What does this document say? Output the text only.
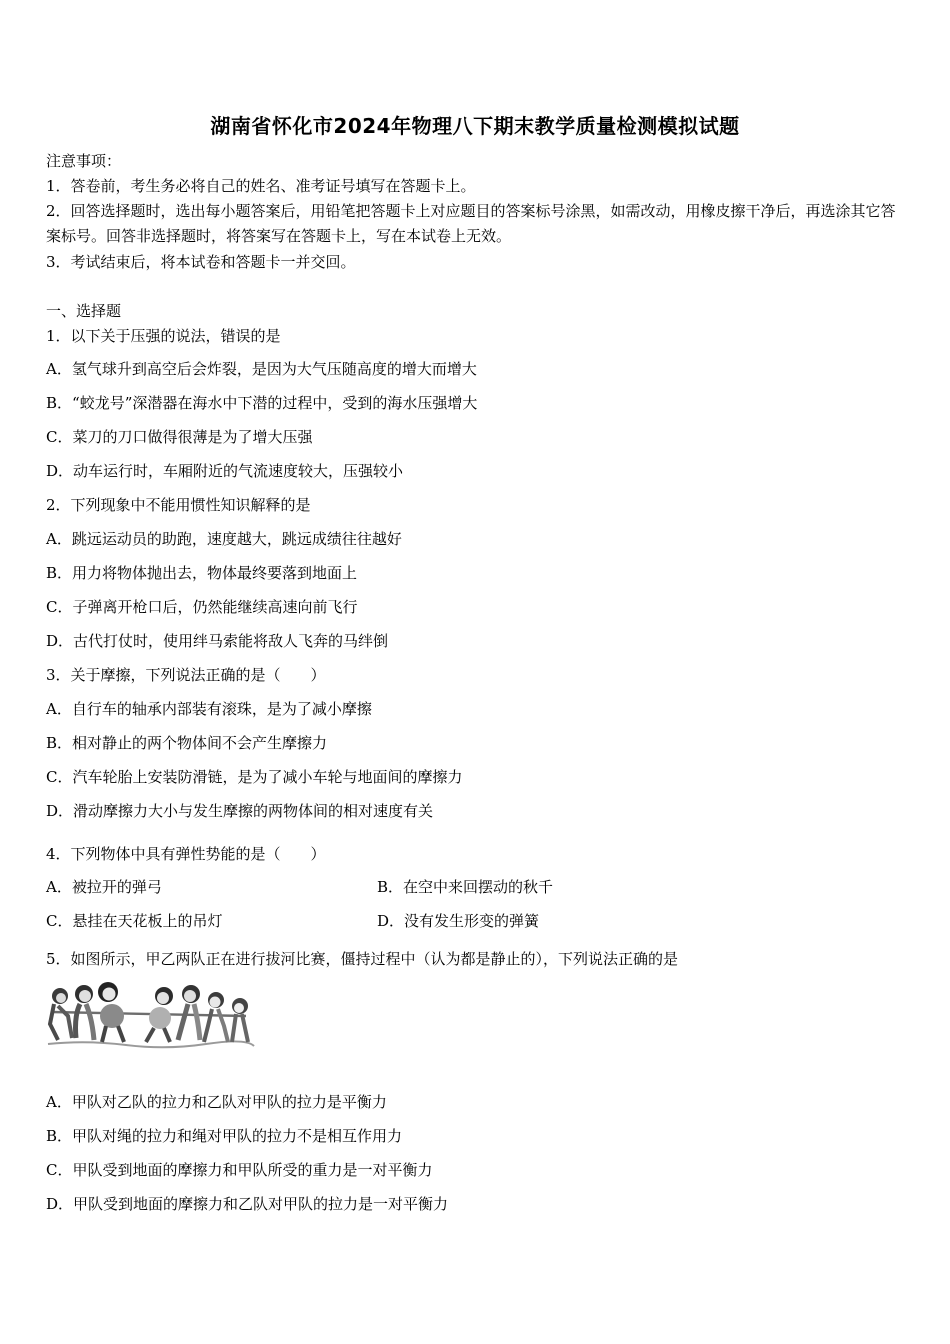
湖南省怀化市2024年物理八下期末教学质量检测模拟试题
注意事项：
1．答卷前，考生务必将自己的姓名、准考证号填写在答题卡上。
2．回答选择题时，选出每小题答案后，用铅笔把答题卡上对应题目的答案标号涂黑，如需改动，用橡皮擦干净后，再选涂其它答案标号。回答非选择题时，将答案写在答题卡上，写在本试卷上无效。
3．考试结束后，将本试卷和答题卡一并交回。
一、选择题
1．以下关于压强的说法，错误的是
A．氢气球升到高空后会炸裂，是因为大气压随高度的增大而增大
B．“蛟龙号”深潜器在海水中下潜的过程中，受到的海水压强增大
C．菜刀的刀口做得很薄是为了增大压强
D．动车运行时，车厢附近的气流速度较大，压强较小
2．下列现象中不能用惯性知识解释的是
A．跳远运动员的助跑，速度越大，跳远成绩往往越好
B．用力将物体抛出去，物体最终要落到地面上
C．子弹离开枪口后，仍然能继续高速向前飞行
D．古代打仗时，使用绊马索能将敌人飞奔的马绊倒
3．关于摩擦，下列说法正确的是（　　）
A．自行车的轴承内部装有滚珠，是为了减小摩擦
B．相对静止的两个物体间不会产生摩擦力
C．汽车轮胎上安装防滑链，是为了减小车轮与地面间的摩擦力
D．滑动摩擦力大小与发生摩擦的两物体间的相对速度有关
4．下列物体中具有弹性势能的是（　　）
A．被拉开的弹弓	B．在空中来回摆动的秋千
C．悬挂在天花板上的吊灯	D．没有发生形变的弹簧
5．如图所示，甲乙两队正在进行拔河比赛，僵持过程中（认为都是静止的），下列说法正确的是
A．甲队对乙队的拉力和乙队对甲队的拉力是平衡力
B．甲队对绳的拉力和绳对甲队的拉力不是相互作用力
C．甲队受到地面的摩擦力和甲队所受的重力是一对平衡力
D．甲队受到地面的摩擦力和乙队对甲队的拉力是一对平衡力
